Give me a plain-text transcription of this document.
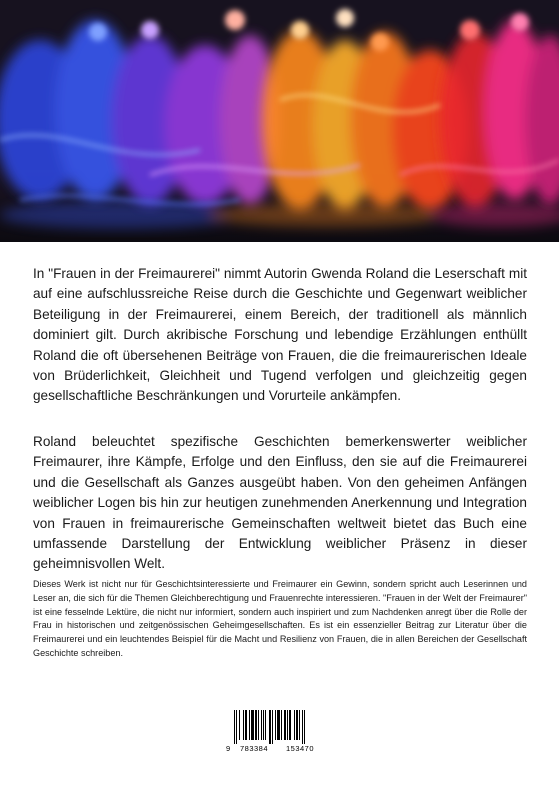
In "Frauen in der Freimaurerei" nimmt Autorin Gwenda Roland die Leserschaft mit auf eine aufschlussreiche Reise durch die Geschichte und Gegenwart weiblicher Beteiligung in der Freimaurerei, einem Bereich, der traditionell als männlich dominiert gilt. Durch akribische Forschung und lebendige Erzählungen enthüllt Roland die oft übersehenen Beiträge von Frauen, die die freimaurerischen Ideale von Brüderlichkeit, Gleichheit und Tugend verfolgen und gleichzeitig gegen gesellschaftliche Beschränkungen und Vorurteile ankämpfen.

Roland beleuchtet spezifische Geschichten bemerkenswerter weiblicher Freimaurer, ihre Kämpfe, Erfolge und den Einfluss, den sie auf die Freimaurerei und die Gesellschaft als Ganzes ausgeübt haben. Von den geheimen Anfängen weiblicher Logen bis hin zur heutigen zunehmenden Anerkennung und Integration von Frauen in freimaurerische Gemeinschaften weltweit bietet das Buch eine umfassende Darstellung der Entwicklung weiblicher Präsenz in dieser geheimnisvollen Welt.

Dieses Werk ist nicht nur für Geschichtsinteressierte und Freimaurer ein Gewinn, sondern spricht auch Leserinnen und Leser an, die sich für die Themen Gleichberechtigung und Frauenrechte interessieren. "Frauen in der Welt der Freimaurer" ist eine fesselnde Lektüre, die nicht nur informiert, sondern auch inspiriert und zum Nachdenken anregt über die Rolle der Frau in historischen und zeitgenössischen Geheimgesellschaften. Es ist ein essenzieller Beitrag zur Literatur über die Freimaurerei und ein leuchtendes Beispiel für die Macht und Resilienz von Frauen, die in allen Bereichen der Gesellschaft Geschichte schreiben.

9 783384 153470
